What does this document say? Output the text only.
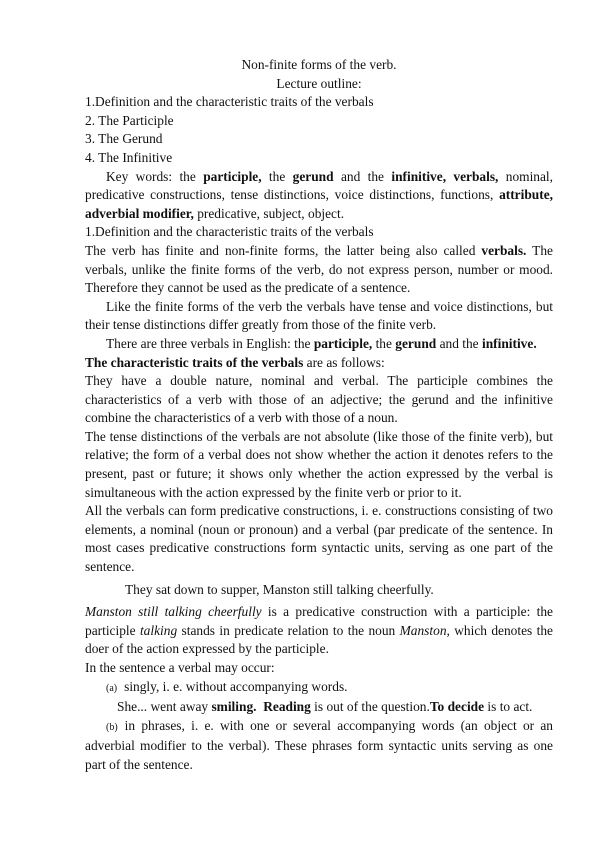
Non-finite forms of the verb.
Lecture outline:
1.Definition and the characteristic traits of the verbals
2. The Participle
3. The Gerund
4. The Infinitive

Key words: the participle, the gerund and the infinitive, verbals, nominal, predicative constructions, tense distinctions, voice distinctions, functions, attribute, adverbial modifier, predicative, subject, object.

1.Definition and the characteristic traits of the verbals

The verb has finite and non-finite forms, the latter being also called verbals. The verbals, unlike the finite forms of the verb, do not express person, number or mood. Therefore they cannot be used as the predicate of a sentence.

Like the finite forms of the verb the verbals have tense and voice distinctions, but their tense distinctions differ greatly from those of the finite verb.

There are three verbals in English: the participle, the gerund and the infinitive.

The characteristic traits of the verbals are as follows:

They have a double nature, nominal and verbal. The participle combines the characteristics of a verb with those of an adjective; the gerund and the infinitive combine the characteristics of a verb with those of a noun.

The tense distinctions of the verbals are not absolute (like those of the finite verb), but relative; the form of a verbal does not show whether the action it denotes refers to the present, past or future; it shows only whether the action expressed by the verbal is simultaneous with the action expressed by the finite verb or prior to it.

All the verbals can form predicative constructions, i. e. constructions consisting of two elements, a nominal (noun or pronoun) and a verbal (par predicate of the sentence. In most cases predicative constructions form syntactic units, serving as one part of the sentence.

They sat down to supper, Manston still talking cheerfully.

Manston still talking cheerfully is a predicative construction with a participle: the participle talking stands in predicate relation to the noun Manston, which denotes the doer of the action expressed by the participle.

In the sentence a verbal may occur:

(a) singly, i. e. without accompanying words.

She... went away smiling. Reading is out of the question.To decide is to act.

(b) in phrases, i. e. with one or several accompanying words (an object or an adverbial modifier to the verbal). These phrases form syntactic units serving as one part of the sentence.
